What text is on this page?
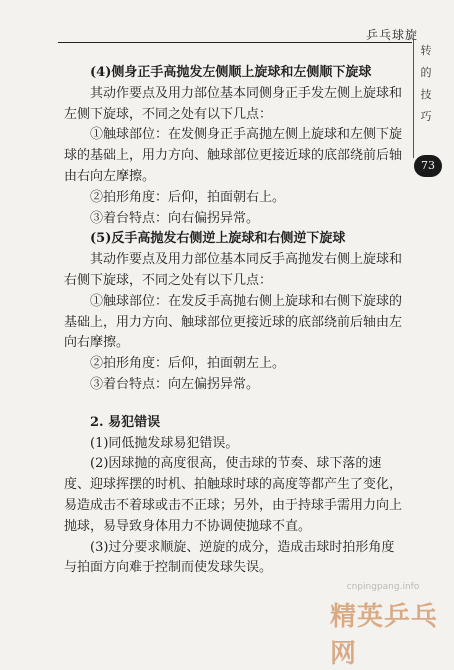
乒乓球旋
转
的
技
巧
73

(4)侧身正手高抛发左侧顺上旋球和左侧顺下旋球

其动作要点及用力部位基本同侧身正手发左侧上旋球和左侧下旋球，不同之处有以下几点：

①触球部位：在发侧身正手高抛左侧上旋球和左侧下旋球的基础上，用力方向、触球部位更接近球的底部绕前后轴由右向左摩擦。

②拍形角度：后仰，拍面朝右上。

③着台特点：向右偏拐异常。

(5)反手高抛发右侧逆上旋球和右侧逆下旋球

其动作要点及用力部位基本同反手高抛发右侧上旋球和右侧下旋球，不同之处有以下几点：

①触球部位：在发反手高抛右侧上旋球和右侧下旋球的基础上，用力方向、触球部位更接近球的底部绕前后轴由左向右摩擦。

②拍形角度：后仰，拍面朝左上。

③着台特点：向左偏拐异常。

2. 易犯错误

(1)同低抛发球易犯错误。

(2)因球抛的高度很高，使击球的节奏、球下落的速度、迎球挥摆的时机、拍触球时球的高度等都产生了变化，易造成击不着球或击不正球；另外，由于持球手需用力向上抛球，易导致身体用力不协调使抛球不直。

(3)过分要求顺旋、逆旋的成分，造成击球时拍形角度与拍面方向难于控制而使发球失误。

cnpingpang.info
精英乒乓网
